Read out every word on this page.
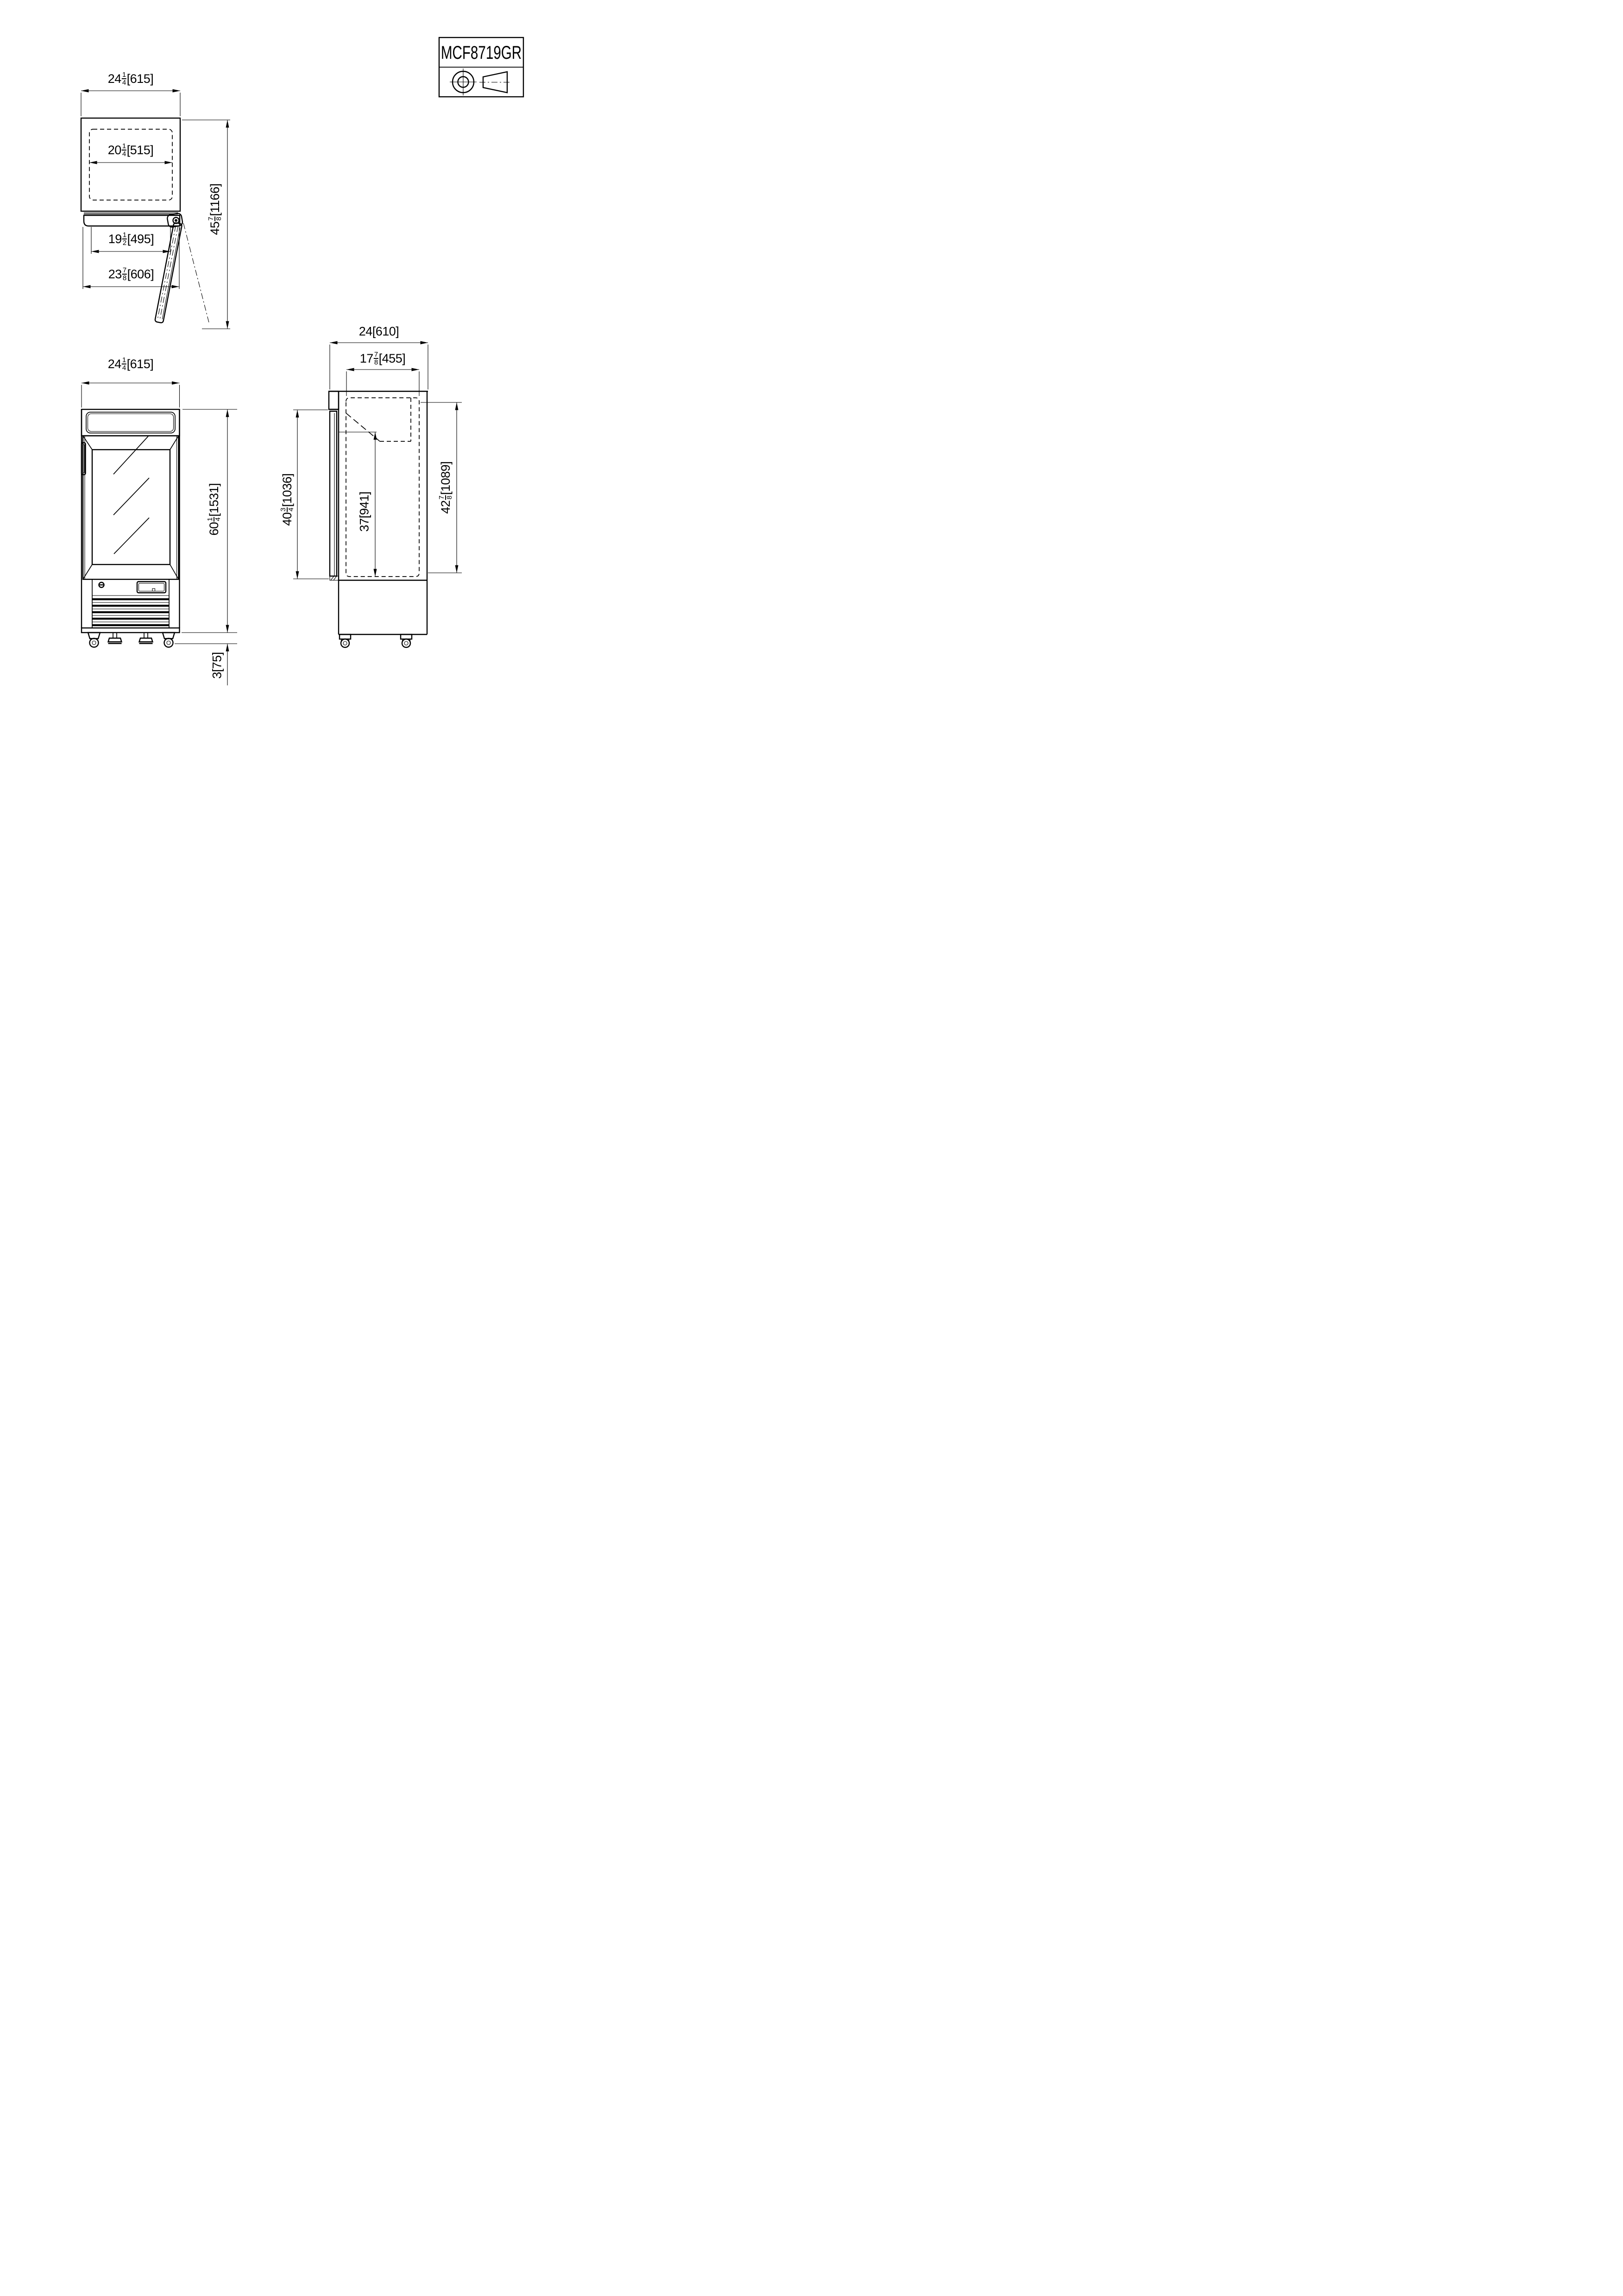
MCF8719GR
$24 \frac{1}{4} [615]$
$20 \frac{1}{4} [515]$
$19 \frac{1}{2} [495]$
$23 \frac{7}{8} [606]$
45
7 8
[1166]
$24 \frac{1}{4} [615]$
60
1 4
[1531]
3
[75]
24 [610]
$17 \frac{7}{8} [455]$
40
3 4
[1036]
37
[941]	42
7 8
[1089]
